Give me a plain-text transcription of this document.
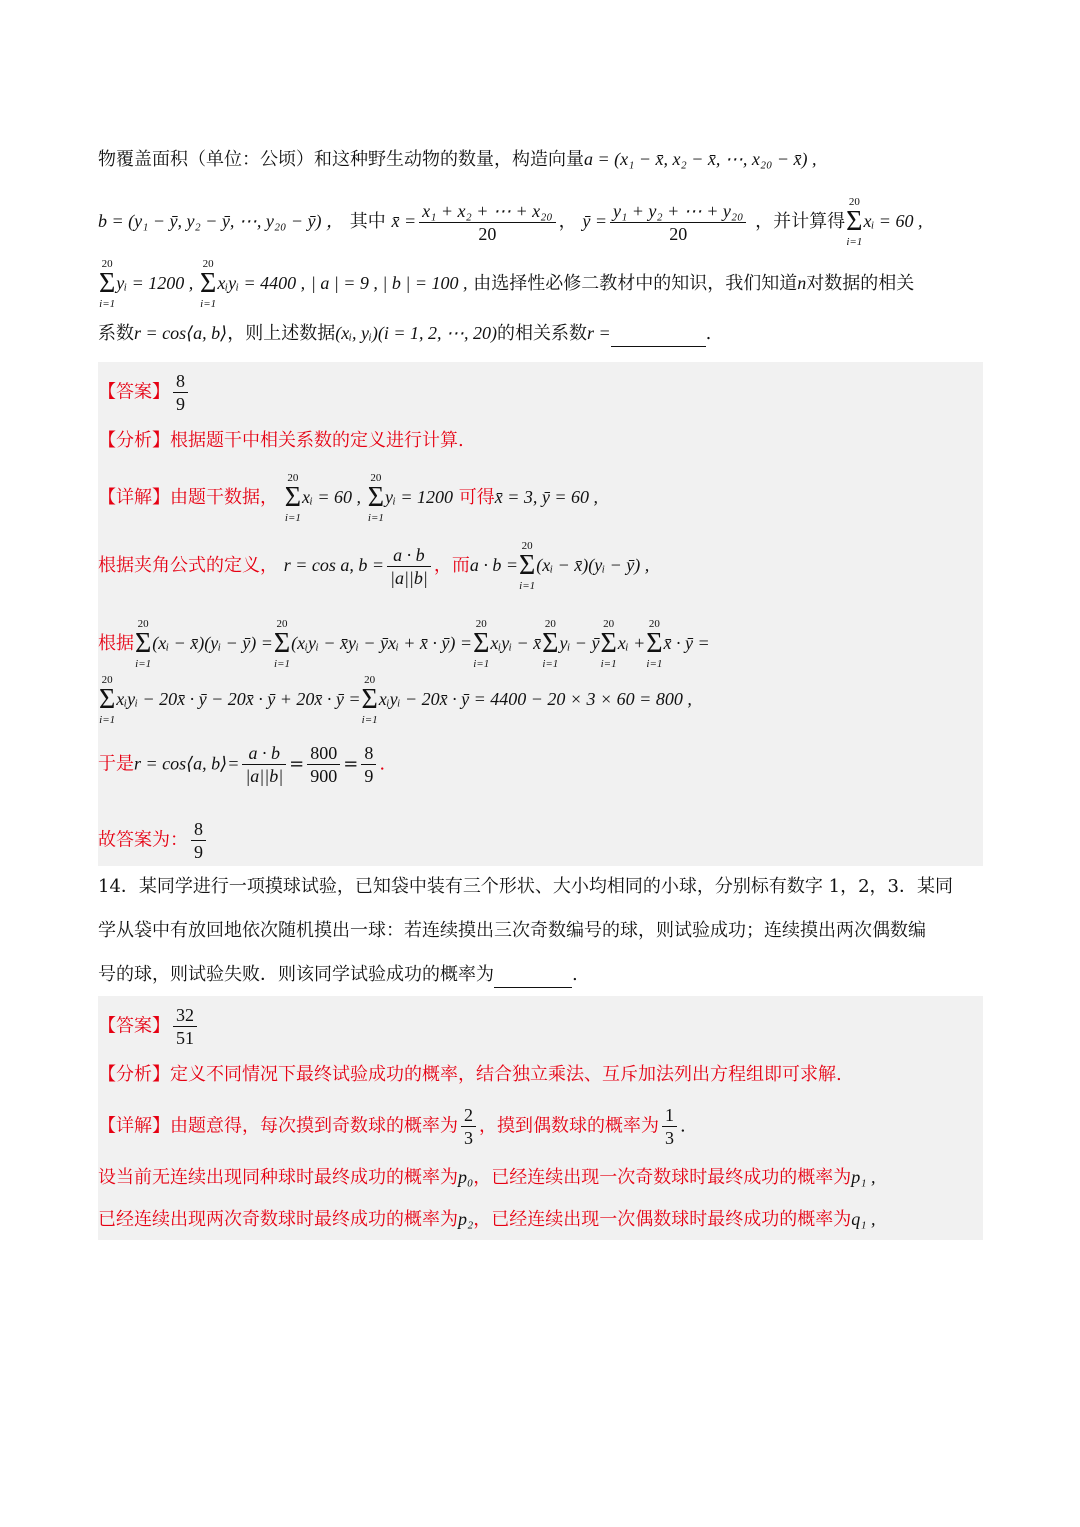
物覆盖面积（单位：公顷）和这种野生动物的数量，构造向量a = (x₁ − x̄, x₂ − x̄, ⋯, x₂₀ − x̄) ,
b = (y₁ − ȳ, y₂ − ȳ, ⋯, y₂₀ − ȳ) ， 其中 x̄ = $\frac{\text{x₁ + x₂ + ⋯ + x₂₀}}{20}$ ， ȳ = $\frac{\text{y₁ + y₂ + ⋯ + y₂₀}}{20}$ ，并计算得
20
Σ
i=1
xᵢ = 60 ,
20
Σ
i=1
yᵢ = 1200 ,
20
Σ
i=1
xᵢyᵢ = 4400 , | a | = 9 , | b | = 100 , 由选择性必修二教材中的知识，我们知道n对数据的相关
系数r = cos⟨a, b⟩，则上述数据(xᵢ, yᵢ)(i = 1, 2, ⋯, 20)的相关系数r =	.
【答案】 $\frac{8}{9}$
【分析】根据题干中相关系数的定义进行计算.
【详解】由题干数据，
20
Σ
i=1
xᵢ = 60 ,
20
Σ
i=1
yᵢ = 1200 可得x̄ = 3, ȳ = 60 ,
根据夹角公式的定义， r = cos a, $b = \frac{a \cdot b}{|a||b|}$ ，而a · b =
20
Σ
i=1
(xᵢ − x̄)(yᵢ − ȳ) ,
根据
20
Σ
i=1
(xᵢ − x̄)(yᵢ − ȳ) =
20
Σ
i=1
(xᵢyᵢ − x̄yᵢ − ȳxᵢ + x̄ · ȳ) =
20
Σ
i=1
xᵢyᵢ − x̄
20
Σ
i=1
yᵢ − ȳ
20
Σ
i=1
xᵢ +
20
Σ
i=1
x̄ · ȳ =
20
Σ
i=1
xᵢyᵢ − 20x̄ · ȳ − 20x̄ · ȳ + 20x̄ · ȳ =
20
Σ
i=1
xᵢyᵢ − 20x̄ · ȳ = 4400 − 20 × 3 × 60 = 800 ,
于是r = cos⟨a, b⟩= $\frac{a \cdot b}{|a||b|} = \frac{800}{900} = \frac{8}{9}$ .
故答案为： $\frac{8}{9}$
14．某同学进行一项摸球试验，已知袋中装有三个形状、大小均相同的小球，分别标有数字 1，2，3．某同
学从袋中有放回地依次随机摸出一球：若连续摸出三次奇数编号的球，则试验成功；连续摸出两次偶数编
号的球，则试验失败．则该同学试验成功的概率为	.
【答案】 $\frac{32}{51}$
【分析】定义不同情况下最终试验成功的概率，结合独立乘法、互斥加法列出方程组即可求解.
【详解】由题意得，每次摸到奇数球的概率为 $\frac{2}{3}$ ，摸到偶数球的概率为 $\frac{1}{3}$ .
设当前无连续出现同种球时最终成功的概率为p₀，已经连续出现一次奇数球时最终成功的概率为p₁ ,
已经连续出现两次奇数球时最终成功的概率为p₂，已经连续出现一次偶数球时最终成功的概率为q₁ ,
